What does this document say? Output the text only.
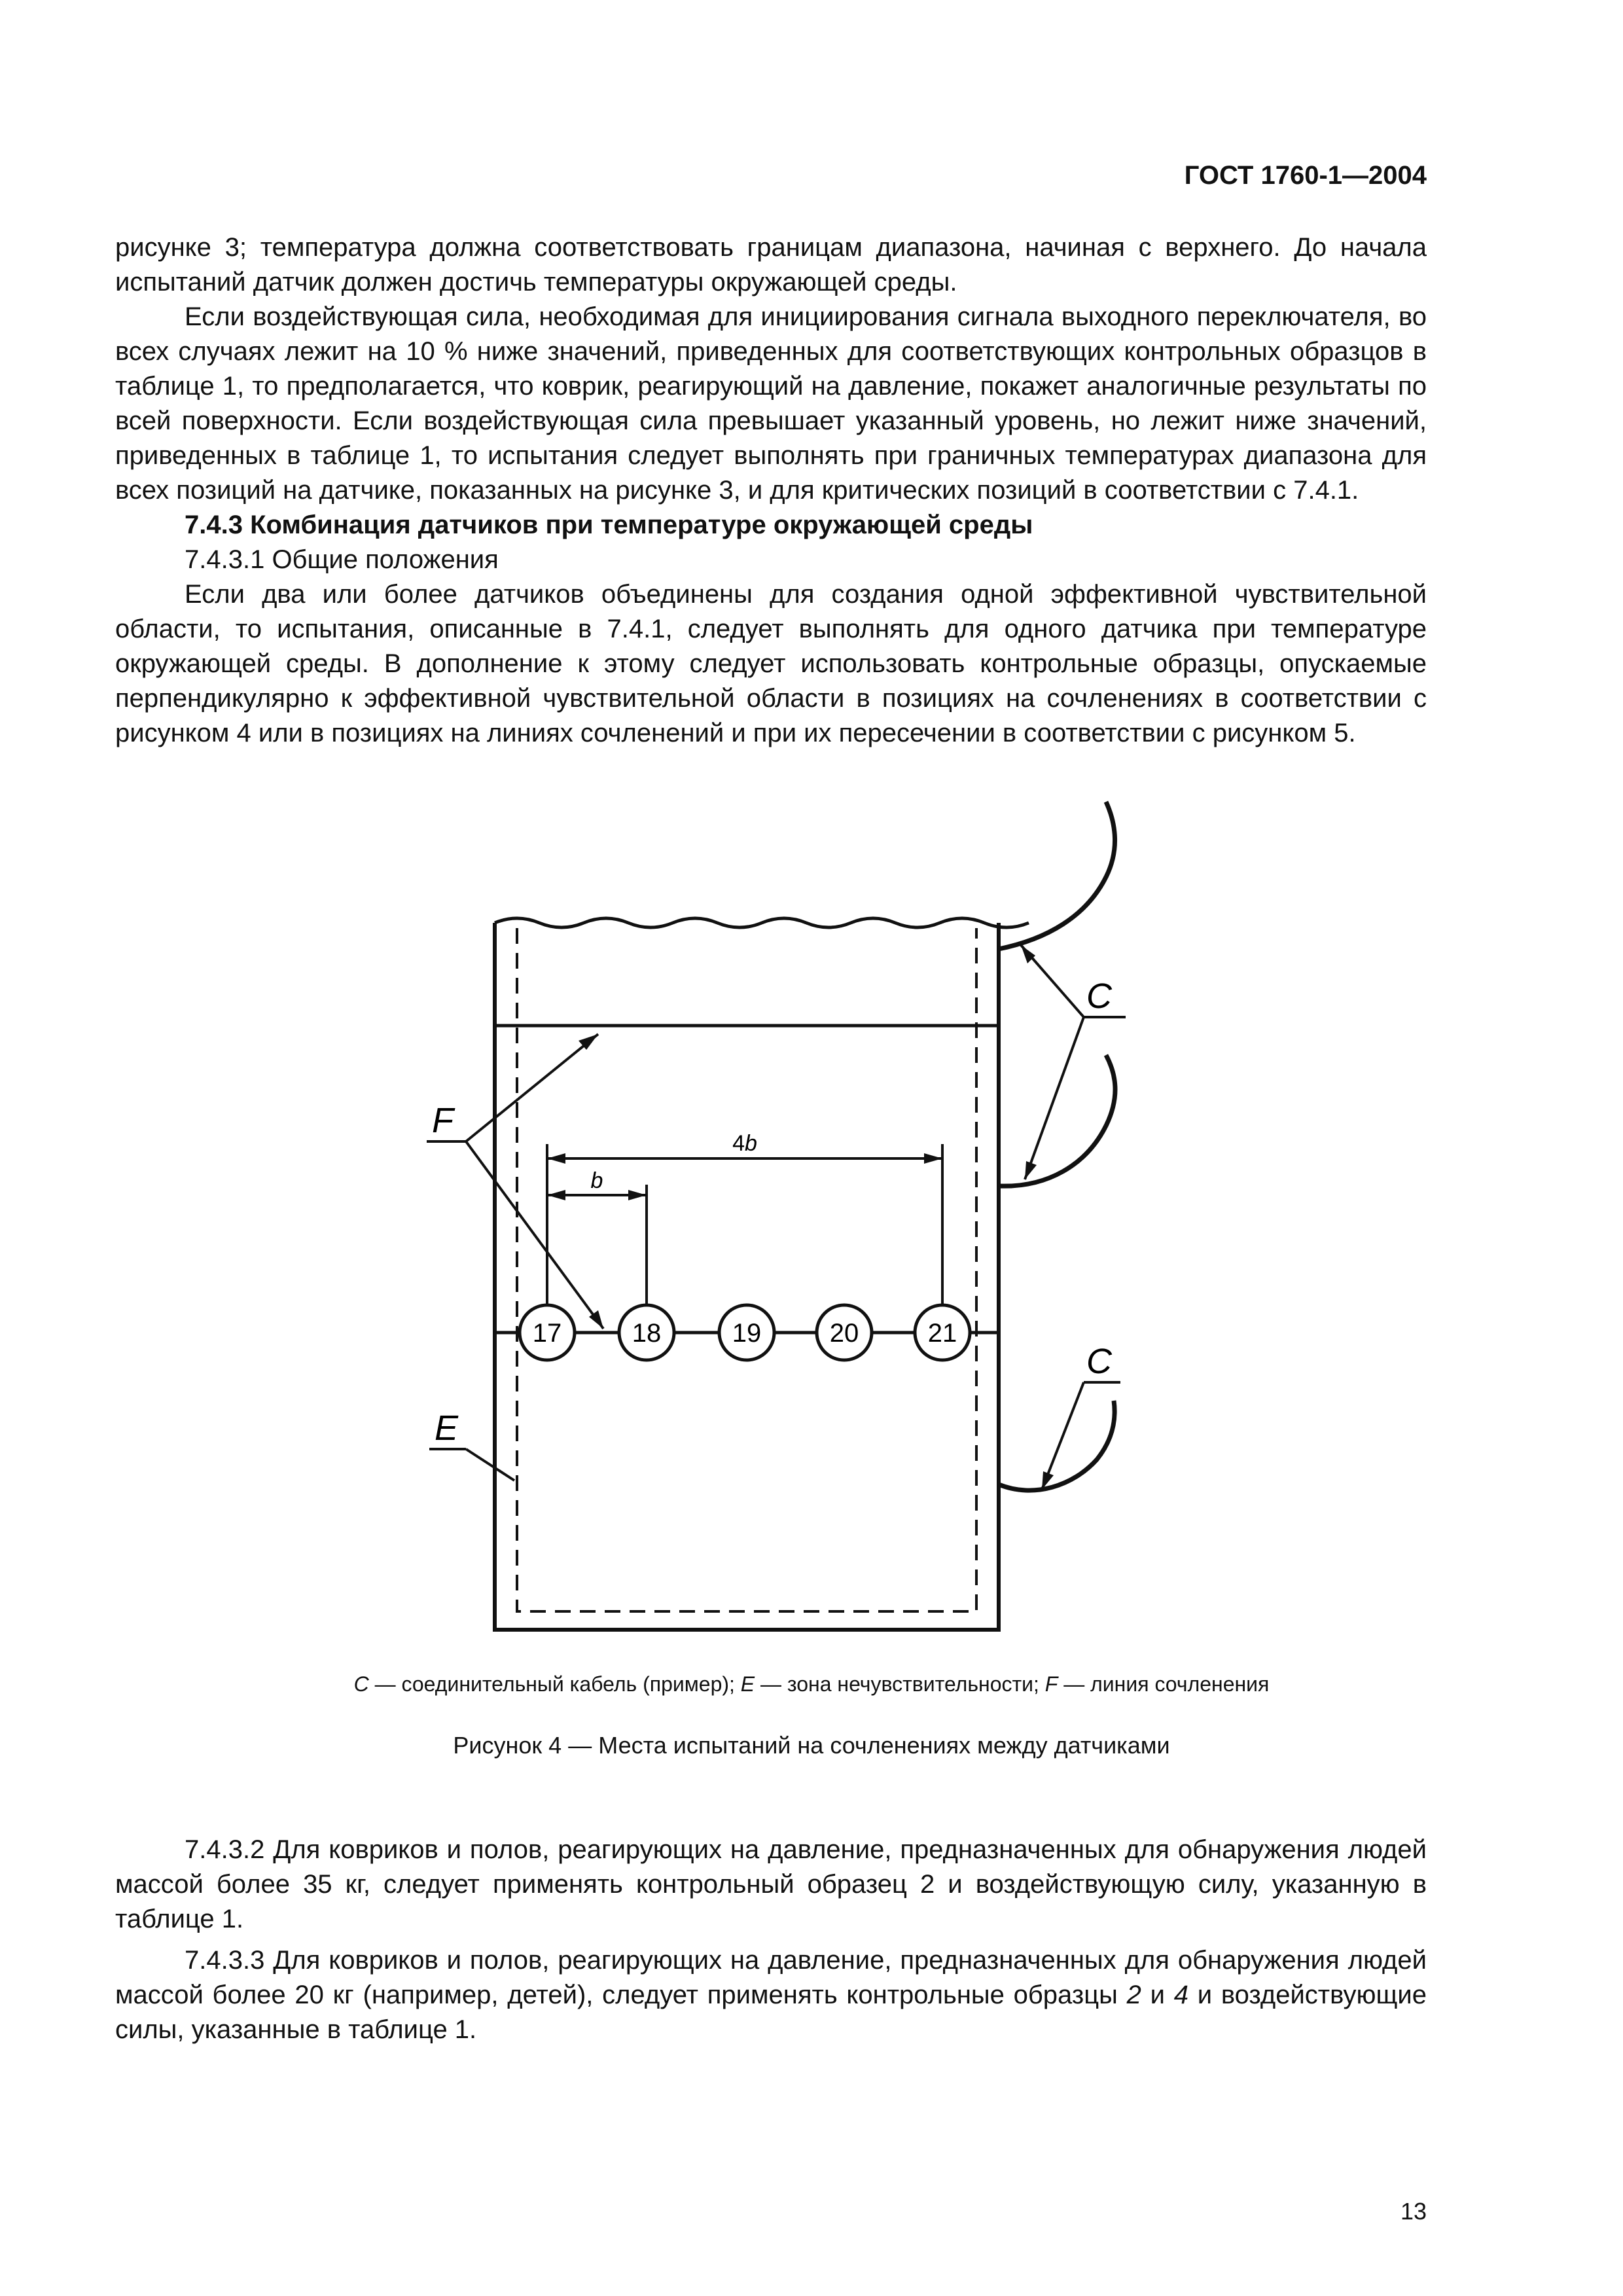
ГОСТ 1760-1—2004

рисунке 3; температура должна соответствовать границам диапазона, начиная с верхнего. До начала испытаний датчик должен достичь температуры окружающей среды.

Если воздействующая сила, необходимая для инициирования сигнала выходного переключателя, во всех случаях лежит на 10 % ниже значений, приведенных для соответствующих контрольных образцов в таблице 1, то предполагается, что коврик, реагирующий на давление, покажет аналогичные результаты по всей поверхности. Если воздействующая сила превышает указанный уровень, но лежит ниже значений, приведенных в таблице 1, то испытания следует выполнять при граничных температурах диапазона для всех позиций на датчике, показанных на рисунке 3, и для критических позиций в соответствии с 7.4.1.

7.4.3 Комбинация датчиков при температуре окружающей среды

7.4.3.1 Общие положения

Если два или более датчиков объединены для создания одной эффективной чувствительной области, то испытания, описанные в 7.4.1, следует выполнять для одного датчика при температуре окружающей среды. В дополнение к этому следует использовать контрольные образцы, опускаемые перпендикулярно к эффективной чувствительной области в позициях на сочленениях в соответствии с рисунком 4 или в позициях на линиях сочленений и при их пересечении в соответствии с рисунком 5.

17	18	19	20	21
4b
b
F
E
C
C
C — соединительный кабель (пример); E — зона нечувствительности; F — линия сочленения
Рисунок 4 — Места испытаний на сочленениях между датчиками

7.4.3.2 Для ковриков и полов, реагирующих на давление, предназначенных для обнаружения людей массой более 35 кг, следует применять контрольный образец 2 и воздействующую силу, указанную в таблице 1.

7.4.3.3 Для ковриков и полов, реагирующих на давление, предназначенных для обнаружения людей массой более 20 кг (например, детей), следует применять контрольные образцы 2 и 4 и воздействующие силы, указанные в таблице 1.

13
